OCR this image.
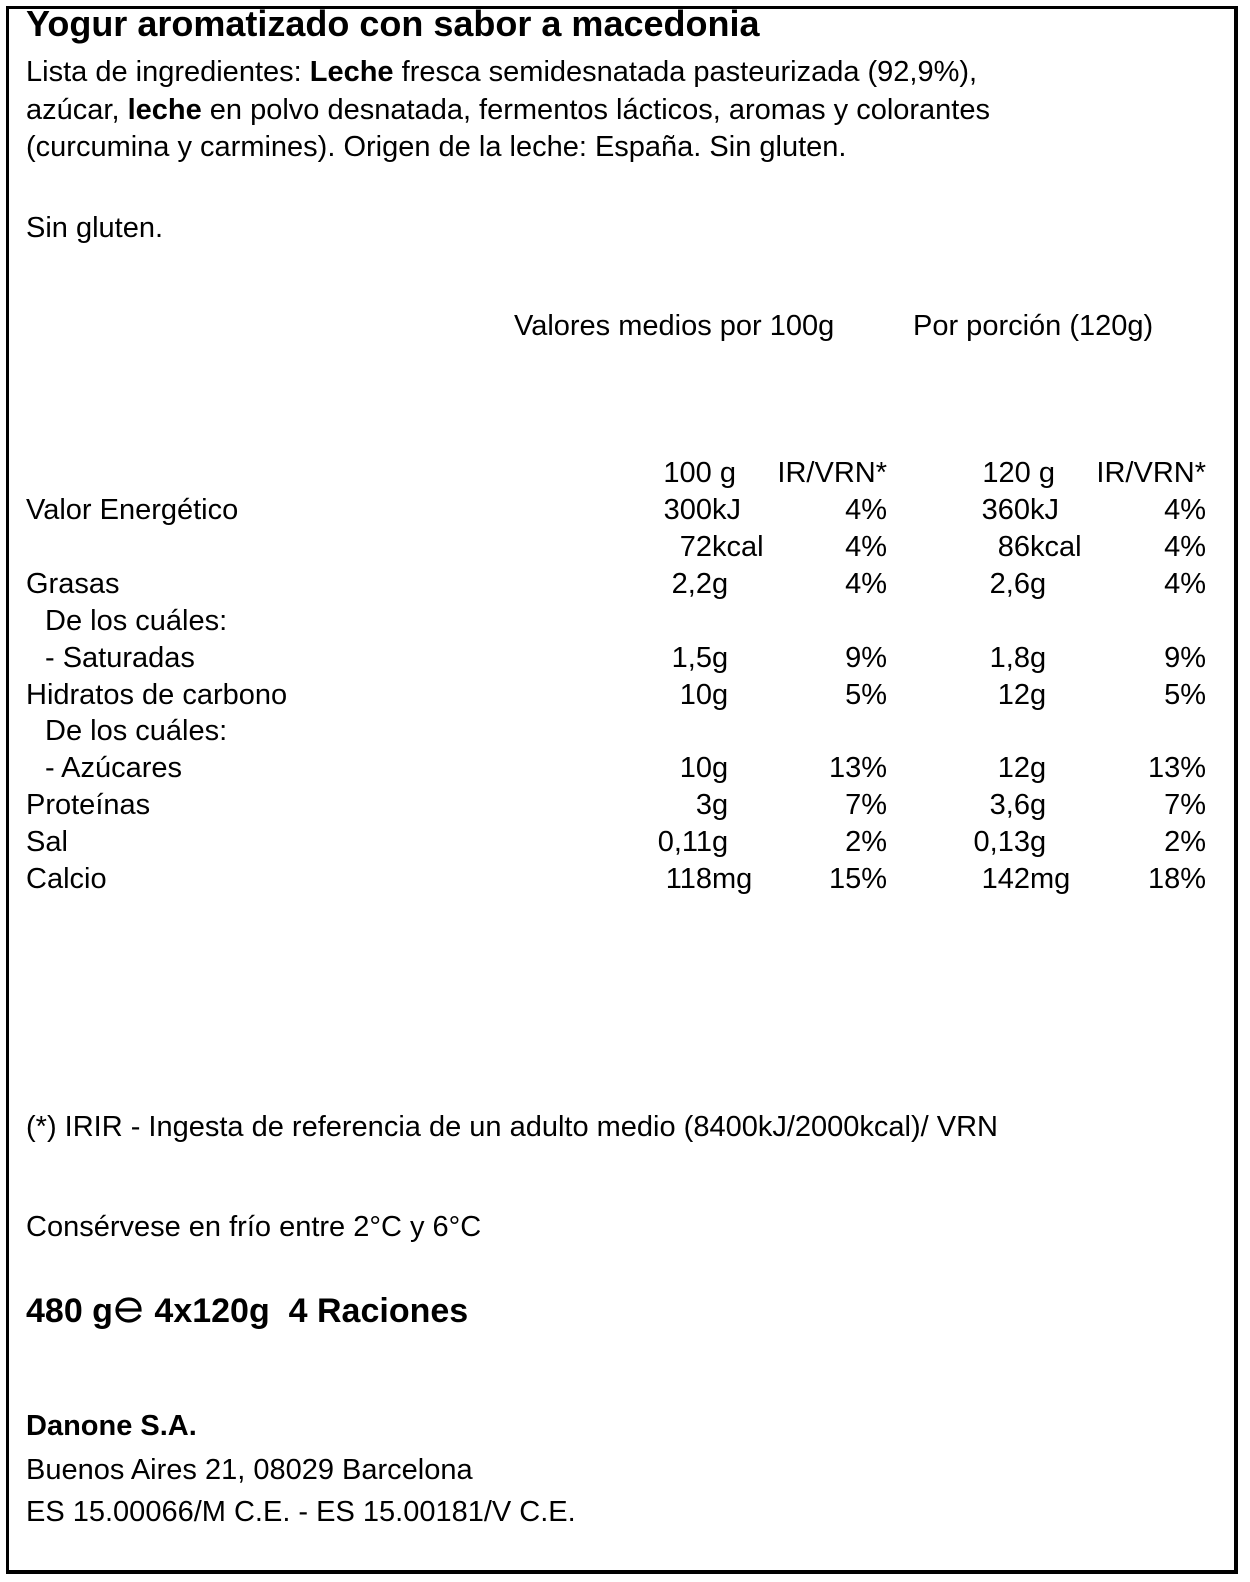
Yogur aromatizado con sabor a macedonia
Lista de ingredientes: Leche fresca semidesnatada pasteurizada (92,9%),
azúcar, leche en polvo desnatada, fermentos lácticos, aromas y colorantes
(curcumina y carmines). Origen de la leche: España. Sin gluten.
Sin gluten.
Valores medios por 100g	Por porción (120g)
100 g IR/VRN*	120 g IR/VRN*
Valor Energético	300 kJ	4%	360 kJ	4%
72 kcal	4%	86 kcal	4%
Grasas	2,2 g	4%	2,6 g	4%
De los cuáles:
- Saturadas	1,5 g	9%	1,8 g	9%
Hidratos de carbono	10 g	5%	12 g	5%
De los cuáles:
- Azúcares	10 g	13%	12 g	13%
Proteínas	3 g	7%	3,6 g	7%
Sal	0,11 g	2%	0,13 g	2%
Calcio	118 mg	15%	142 mg	18%
(*) IRIR - Ingesta de referencia de un adulto medio (8400kJ/2000kcal)/ VRN
Consérvese en frío entre 2°C y 6°C
480 g 4x120g 4 Raciones
Danone S.A.
Buenos Aires 21, 08029 Barcelona
ES 15.00066/M C.E. - ES 15.00181/V C.E.
